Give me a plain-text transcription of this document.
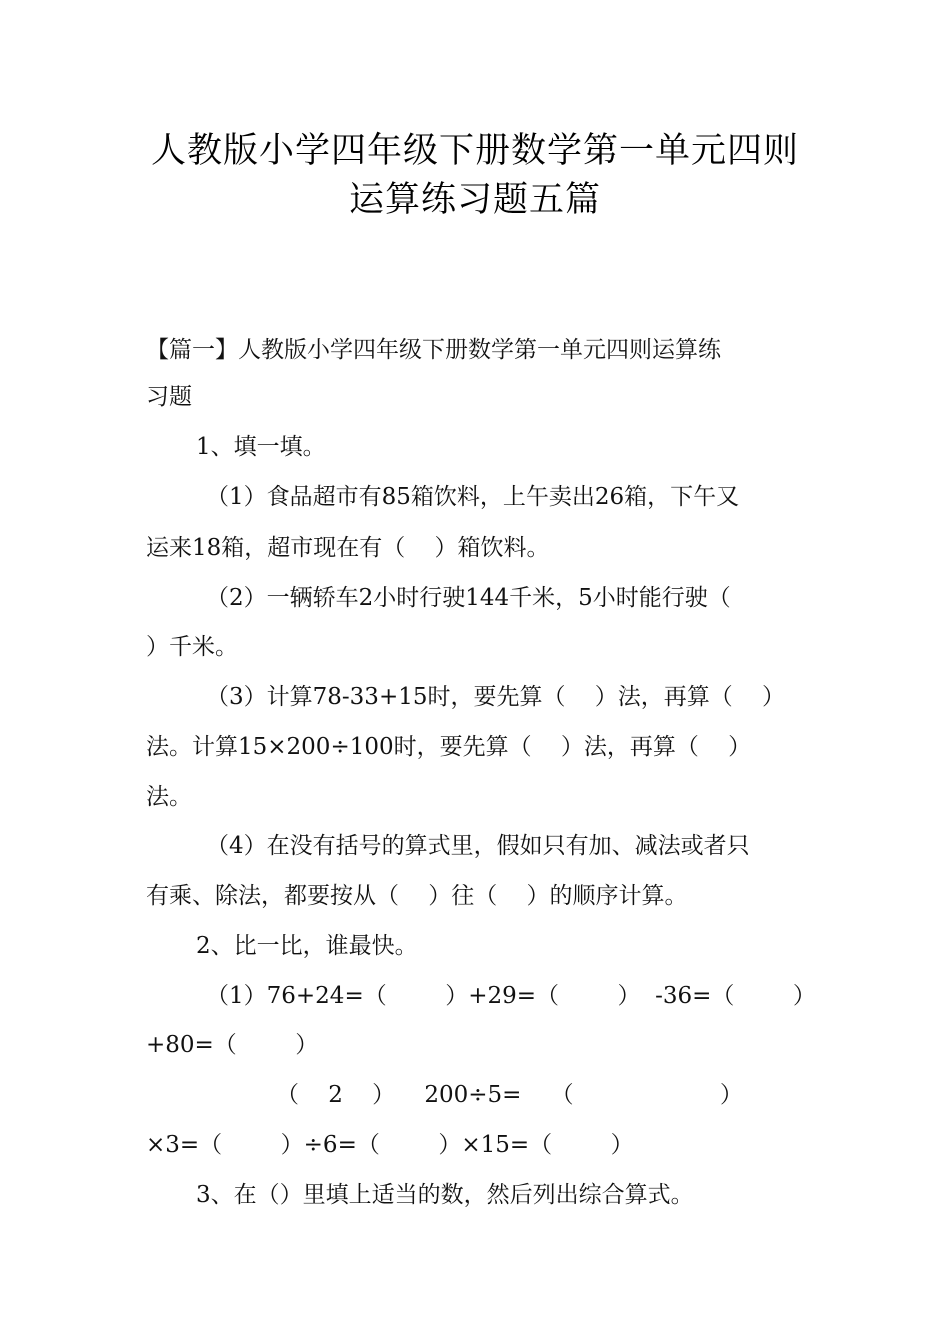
人教版小学四年级下册数学第一单元四则
运算练习题五篇
【篇一】人教版小学四年级下册数学第一单元四则运算练
习题
1、填一填。
（1）食品超市有85箱饮料，上午卖出26箱，下午又
运来18箱，超市现在有（    ）箱饮料。
（2）一辆轿车2小时行驶144千米，5小时能行驶（
）千米。
（3）计算78-33+15时，要先算（    ）法，再算（    ）
法。计算15×200÷100时，要先算（    ）法，再算（    ）
法。
（4）在没有括号的算式里，假如只有加、减法或者只
有乘、除法，都要按从（    ）往（    ）的顺序计算。
2、比一比，谁最快。
（1）76+24=（        ）+29=（        ）  -36=（        ）
+80=（        ）
（    2    ）    200÷5=    （                    ）
×3=（        ）÷6=（        ）×15=（        ）
3、在（）里填上适当的数，然后列出综合算式。
